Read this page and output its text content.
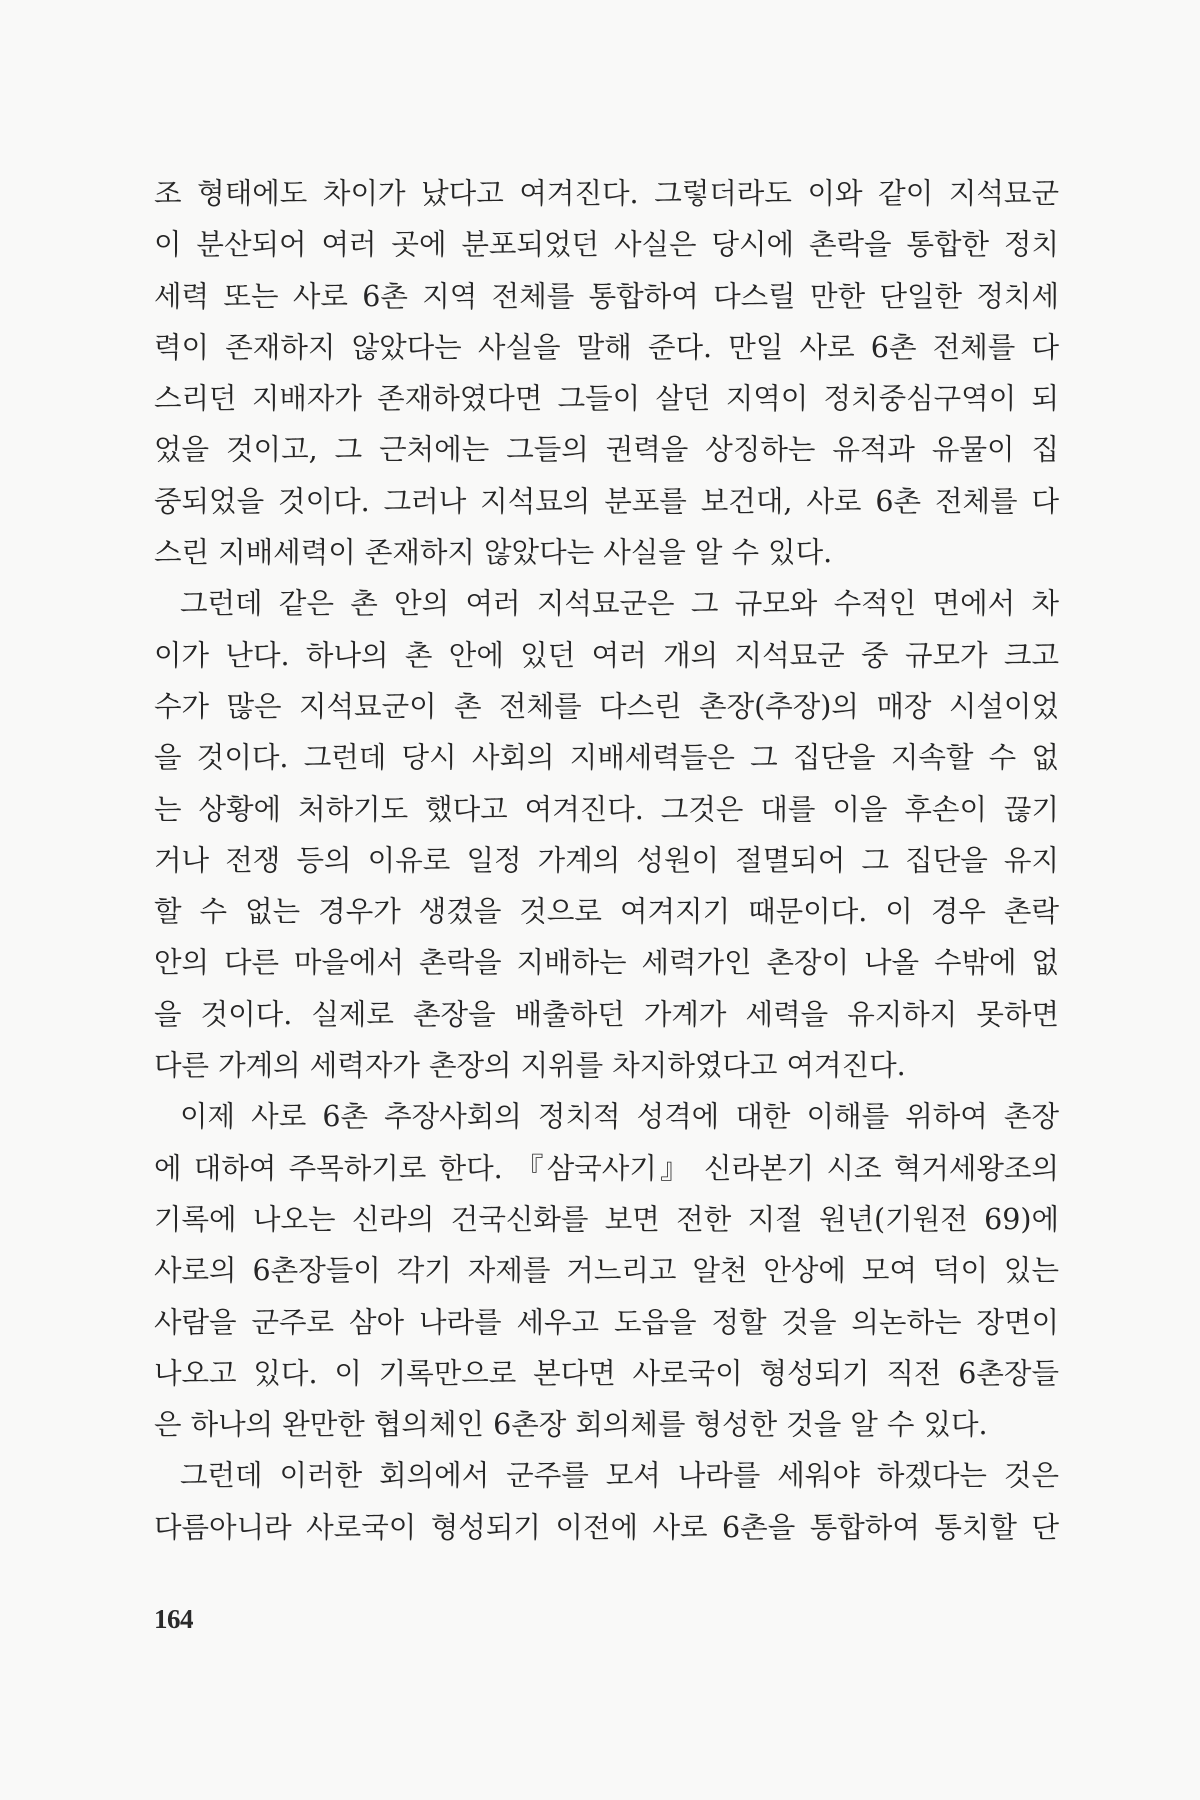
조 형태에도 차이가 났다고 여겨진다. 그렇더라도 이와 같이 지석묘군
이 분산되어 여러 곳에 분포되었던 사실은 당시에 촌락을 통합한 정치
세력 또는 사로 6촌 지역 전체를 통합하여 다스릴 만한 단일한 정치세
력이 존재하지 않았다는 사실을 말해 준다. 만일 사로 6촌 전체를 다
스리던 지배자가 존재하였다면 그들이 살던 지역이 정치중심구역이 되
었을 것이고, 그 근처에는 그들의 권력을 상징하는 유적과 유물이 집
중되었을 것이다. 그러나 지석묘의 분포를 보건대, 사로 6촌 전체를 다
스린 지배세력이 존재하지 않았다는 사실을 알 수 있다.
그런데 같은 촌 안의 여러 지석묘군은 그 규모와 수적인 면에서 차
이가 난다. 하나의 촌 안에 있던 여러 개의 지석묘군 중 규모가 크고
수가 많은 지석묘군이 촌 전체를 다스린 촌장(추장)의 매장 시설이었
을 것이다. 그런데 당시 사회의 지배세력들은 그 집단을 지속할 수 없
는 상황에 처하기도 했다고 여겨진다. 그것은 대를 이을 후손이 끊기
거나 전쟁 등의 이유로 일정 가계의 성원이 절멸되어 그 집단을 유지
할 수 없는 경우가 생겼을 것으로 여겨지기 때문이다. 이 경우 촌락
안의 다른 마을에서 촌락을 지배하는 세력가인 촌장이 나올 수밖에 없
을 것이다. 실제로 촌장을 배출하던 가계가 세력을 유지하지 못하면
다른 가계의 세력자가 촌장의 지위를 차지하였다고 여겨진다.
이제 사로 6촌 추장사회의 정치적 성격에 대한 이해를 위하여 촌장
에 대하여 주목하기로 한다. 『삼국사기』 신라본기 시조 혁거세왕조의
기록에 나오는 신라의 건국신화를 보면 전한 지절 원년(기원전 69)에
사로의 6촌장들이 각기 자제를 거느리고 알천 안상에 모여 덕이 있는
사람을 군주로 삼아 나라를 세우고 도읍을 정할 것을 의논하는 장면이
나오고 있다. 이 기록만으로 본다면 사로국이 형성되기 직전 6촌장들
은 하나의 완만한 협의체인 6촌장 회의체를 형성한 것을 알 수 있다.
그런데 이러한 회의에서 군주를 모셔 나라를 세워야 하겠다는 것은
다름아니라 사로국이 형성되기 이전에 사로 6촌을 통합하여 통치할 단
164
